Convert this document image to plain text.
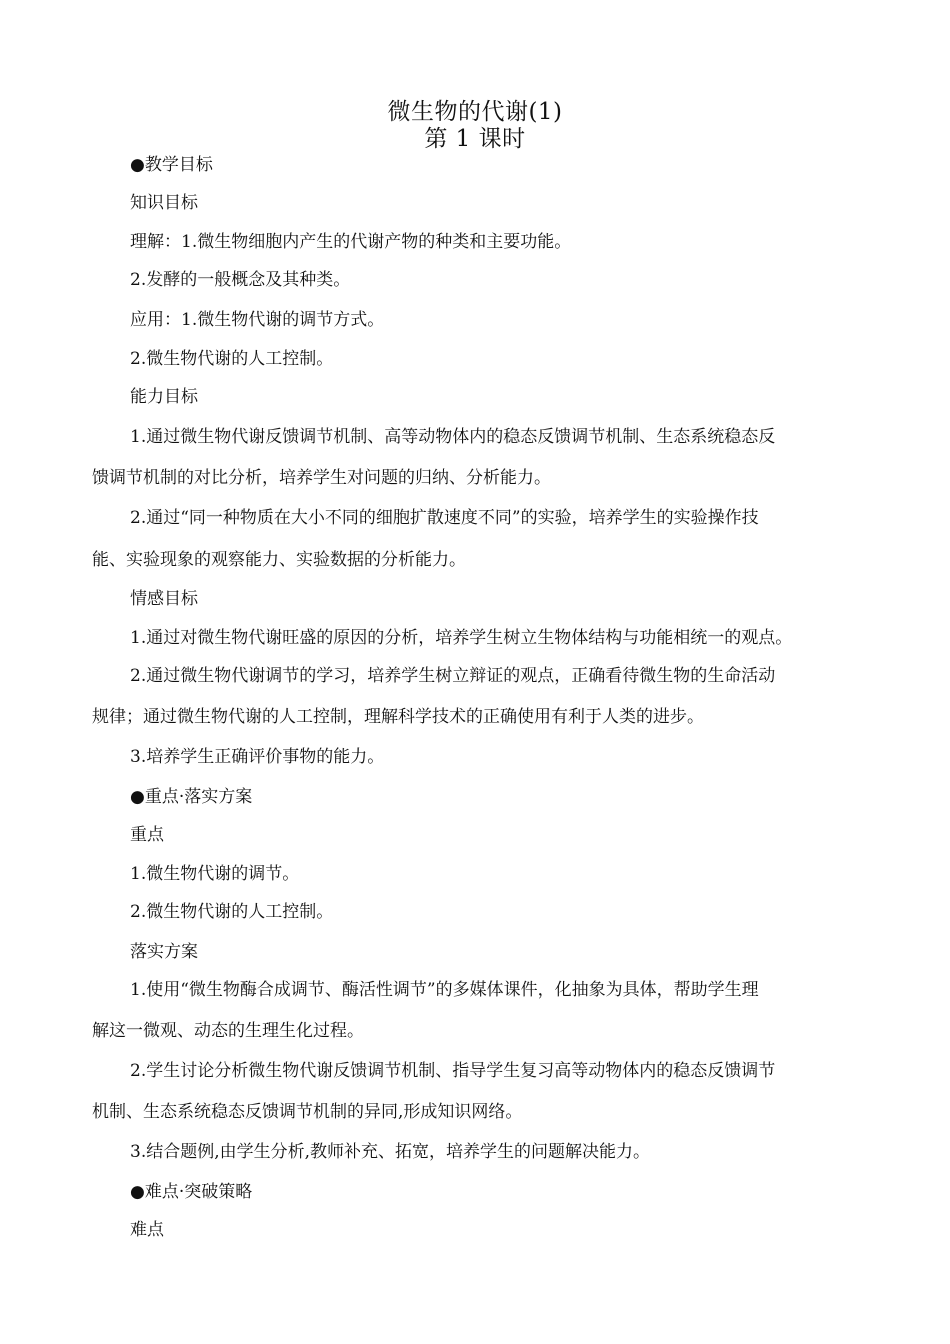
微生物的代谢(1)
第 1 课时
●教学目标
知识目标
理解：1.微生物细胞内产生的代谢产物的种类和主要功能。
2.发酵的一般概念及其种类。
应用：1.微生物代谢的调节方式。
2.微生物代谢的人工控制。
能力目标
1.通过微生物代谢反馈调节机制、高等动物体内的稳态反馈调节机制、生态系统稳态反
馈调节机制的对比分析，培养学生对问题的归纳、分析能力。
2.通过“同一种物质在大小不同的细胞扩散速度不同”的实验，培养学生的实验操作技
能、实验现象的观察能力、实验数据的分析能力。
情感目标
1.通过对微生物代谢旺盛的原因的分析，培养学生树立生物体结构与功能相统一的观点。
2.通过微生物代谢调节的学习，培养学生树立辩证的观点，正确看待微生物的生命活动
规律；通过微生物代谢的人工控制，理解科学技术的正确使用有利于人类的进步。
3.培养学生正确评价事物的能力。
●重点·落实方案
重点
1.微生物代谢的调节。
2.微生物代谢的人工控制。
落实方案
1.使用“微生物酶合成调节、酶活性调节”的多媒体课件，化抽象为具体，帮助学生理
解这一微观、动态的生理生化过程。
2.学生讨论分析微生物代谢反馈调节机制、指导学生复习高等动物体内的稳态反馈调节
机制、生态系统稳态反馈调节机制的异同,形成知识网络。
3.结合题例,由学生分析,教师补充、拓宽，培养学生的问题解决能力。
●难点·突破策略
难点
